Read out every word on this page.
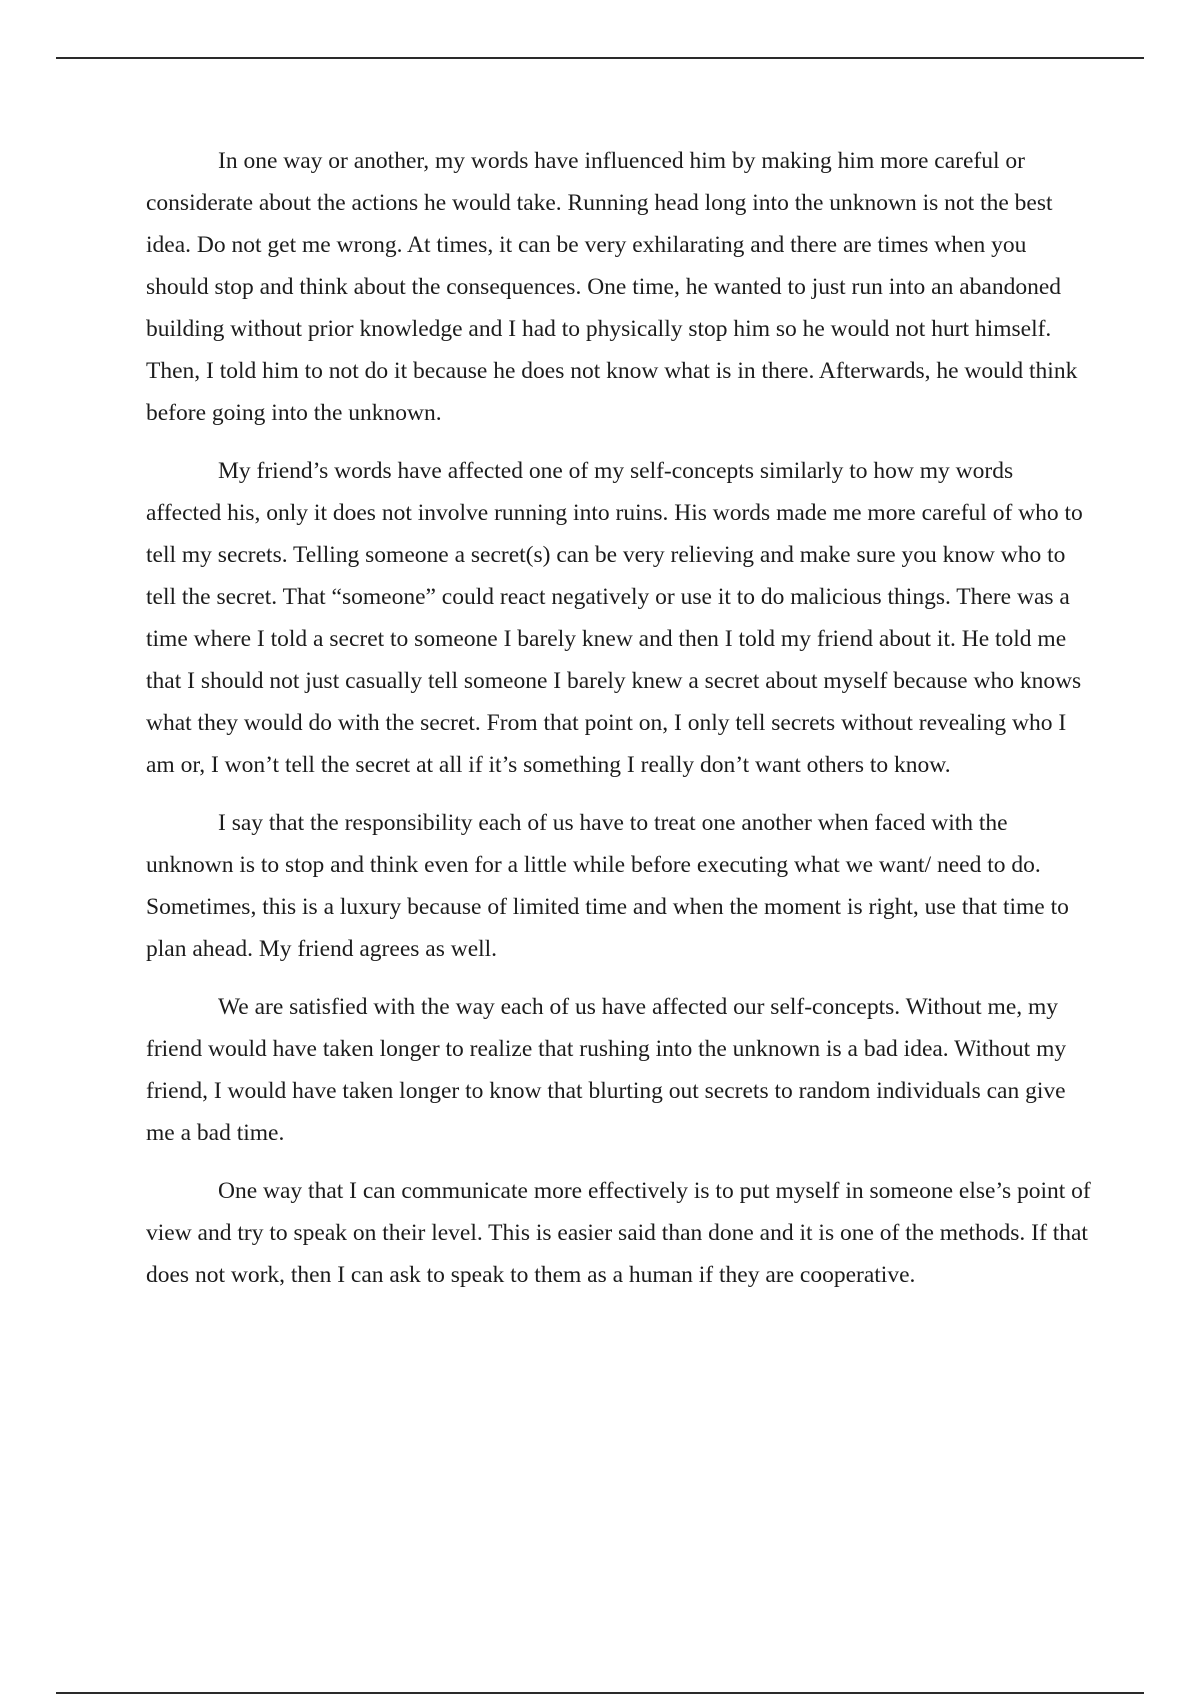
In one way or another, my words have influenced him by making him more careful or considerate about the actions he would take. Running head long into the unknown is not the best idea. Do not get me wrong. At times, it can be very exhilarating and there are times when you should stop and think about the consequences. One time, he wanted to just run into an abandoned building without prior knowledge and I had to physically stop him so he would not hurt himself. Then, I told him to not do it because he does not know what is in there. Afterwards, he would think before going into the unknown.

My friend’s words have affected one of my self-concepts similarly to how my words affected his, only it does not involve running into ruins. His words made me more careful of who to tell my secrets. Telling someone a secret(s) can be very relieving and make sure you know who to tell the secret. That “someone” could react negatively or use it to do malicious things. There was a time where I told a secret to someone I barely knew and then I told my friend about it. He told me that I should not just casually tell someone I barely knew a secret about myself because who knows what they would do with the secret. From that point on, I only tell secrets without revealing who I am or, I won’t tell the secret at all if it’s something I really don’t want others to know.

I say that the responsibility each of us have to treat one another when faced with the unknown is to stop and think even for a little while before executing what we want/ need to do. Sometimes, this is a luxury because of limited time and when the moment is right, use that time to plan ahead. My friend agrees as well.

We are satisfied with the way each of us have affected our self-concepts. Without me, my friend would have taken longer to realize that rushing into the unknown is a bad idea. Without my friend, I would have taken longer to know that blurting out secrets to random individuals can give me a bad time.

One way that I can communicate more effectively is to put myself in someone else’s point of view and try to speak on their level. This is easier said than done and it is one of the methods. If that does not work, then I can ask to speak to them as a human if they are cooperative.
